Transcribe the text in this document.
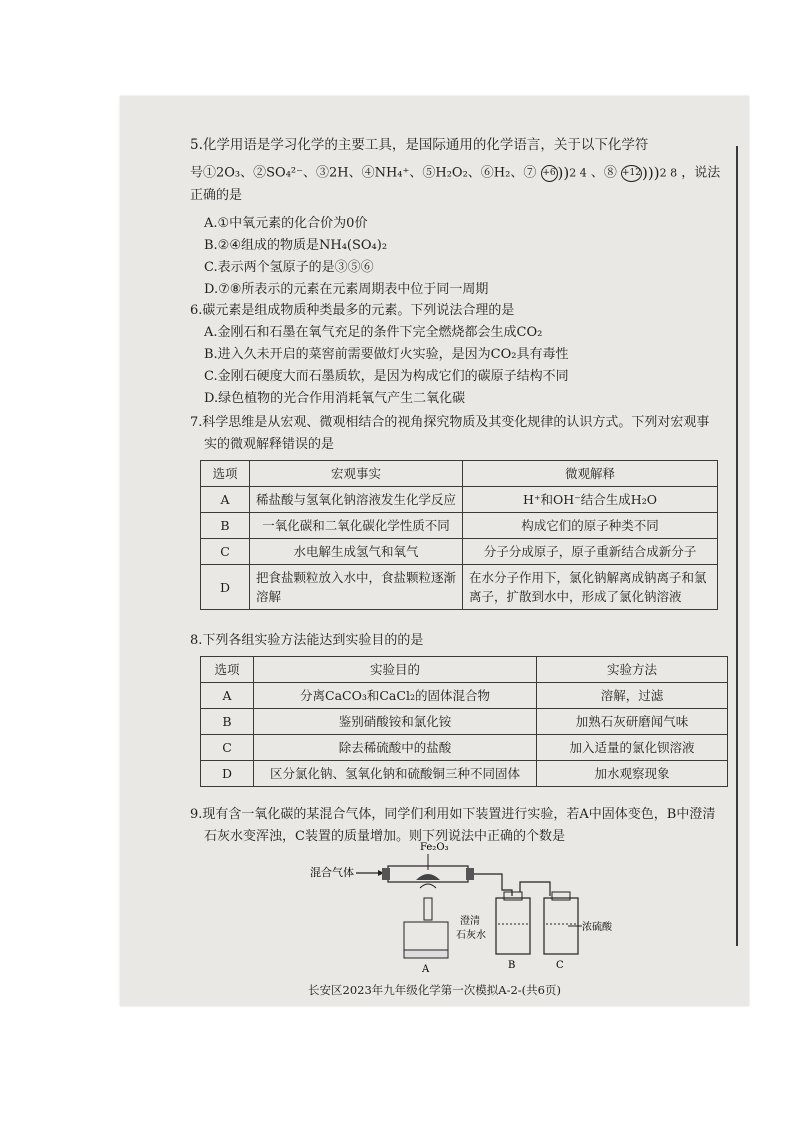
5.化学用语是学习化学的主要工具，是国际通用的化学语言，关于以下化学符

号①2O₃、②SO₄²⁻、③2H、④NH₄⁺、⑤H₂O₂、⑥H₂、⑦ +6 ))2 4 、⑧ +12)))2 8 ，说法正确的是

A.①中氧元素的化合价为0价

B.②④组成的物质是NH₄(SO₄)₂

C.表示两个氢原子的是③⑤⑥

D.⑦⑧所表示的元素在元素周期表中位于同一周期

6.碳元素是组成物质种类最多的元素。下列说法合理的是

A.金刚石和石墨在氧气充足的条件下完全燃烧都会生成CO₂

B.进入久未开启的菜窖前需要做灯火实验，是因为CO₂具有毒性

C.金刚石硬度大而石墨质软，是因为构成它们的碳原子结构不同

D.绿色植物的光合作用消耗氧气产生二氧化碳

7.科学思维是从宏观、微观相结合的视角探究物质及其变化规律的认识方式。下列对宏观事

实的微观解释错误的是

选项	宏观事实	微观解释
A	稀盐酸与氢氧化钠溶液发生化学反应	H⁺和OH⁻结合生成H₂O
B	一氧化碳和二氧化碳化学性质不同	构成它们的原子种类不同
C	水电解生成氢气和氧气	分子分成原子，原子重新结合成新分子
D	把食盐颗粒放入水中，食盐颗粒逐渐溶解	在水分子作用下，氯化钠解离成钠离子和氯离子，扩散到水中，形成了氯化钠溶液

8.下列各组实验方法能达到实验目的的是

选项	实验目的	实验方法
A	分离CaCO₃和CaCl₂的固体混合物	溶解，过滤
B	鉴别硝酸铵和氯化铵	加熟石灰研磨闻气味
C	除去稀硫酸中的盐酸	加入适量的氯化钡溶液
D	区分氯化钠、氢氧化钠和硫酸铜三种不同固体	加水观察现象

9.现有含一氧化碳的某混合气体，同学们利用如下装置进行实验，若A中固体变色，B中澄清

石灰水变浑浊，C装置的质量增加。则下列说法中正确的个数是

Fe₂O₃
混合气体
A
澄清
石灰水
B
浓硫酸
C
长安区2023年九年级化学第一次模拟A-2-(共6页)
